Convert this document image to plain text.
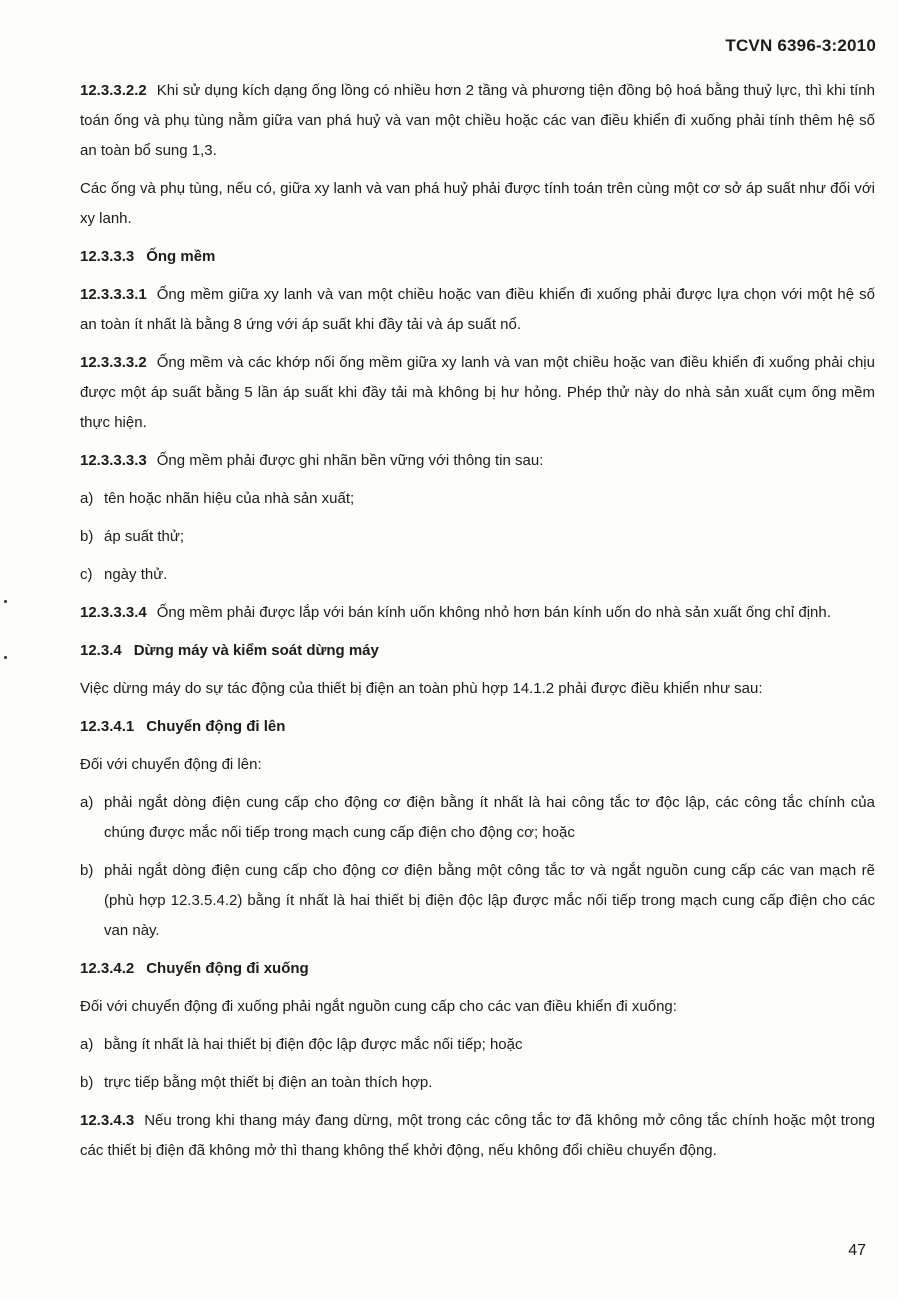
TCVN 6396-3:2010

12.3.3.2.2 Khi sử dụng kích dạng ống lồng có nhiều hơn 2 tầng và phương tiện đồng bộ hoá bằng thuỷ lực, thì khi tính toán ống và phụ tùng nằm giữa van phá huỷ và van một chiều hoặc các van điều khiển đi xuống phải tính thêm hệ số an toàn bổ sung 1,3.

Các ống và phụ tùng, nếu có, giữa xy lanh và van phá huỷ phải được tính toán trên cùng một cơ sở áp suất như đối với xy lanh.

12.3.3.3 Ống mềm

12.3.3.3.1 Ống mềm giữa xy lanh và van một chiều hoặc van điều khiển đi xuống phải được lựa chọn với một hệ số an toàn ít nhất là bằng 8 ứng với áp suất khi đầy tải và áp suất nổ.

12.3.3.3.2 Ống mềm và các khớp nối ống mềm giữa xy lanh và van một chiều hoặc van điều khiển đi xuống phải chịu được một áp suất bằng 5 lần áp suất khi đầy tải mà không bị hư hỏng. Phép thử này do nhà sản xuất cụm ống mềm thực hiện.

12.3.3.3.3 Ống mềm phải được ghi nhãn bền vững với thông tin sau:

a) tên hoặc nhãn hiệu của nhà sản xuất;
b) áp suất thử;
c) ngày thử.

12.3.3.3.4 Ống mềm phải được lắp với bán kính uốn không nhỏ hơn bán kính uốn do nhà sản xuất ống chỉ định.

12.3.4 Dừng máy và kiểm soát dừng máy

Việc dừng máy do sự tác động của thiết bị điện an toàn phù hợp 14.1.2 phải được điều khiển như sau:

12.3.4.1 Chuyển động đi lên

Đối với chuyển động đi lên:

a) phải ngắt dòng điện cung cấp cho động cơ điện bằng ít nhất là hai công tắc tơ độc lập, các công tắc chính của chúng được mắc nối tiếp trong mạch cung cấp điện cho động cơ; hoặc
b) phải ngắt dòng điện cung cấp cho động cơ điện bằng một công tắc tơ và ngắt nguồn cung cấp các van mạch rẽ (phù hợp 12.3.5.4.2) bằng ít nhất là hai thiết bị điện độc lập được mắc nối tiếp trong mạch cung cấp điện cho các van này.

12.3.4.2 Chuyển động đi xuống

Đối với chuyển động đi xuống phải ngắt nguồn cung cấp cho các van điều khiển đi xuống:

a) bằng ít nhất là hai thiết bị điện độc lập được mắc nối tiếp; hoặc
b) trực tiếp bằng một thiết bị điện an toàn thích hợp.

12.3.4.3 Nếu trong khi thang máy đang dừng, một trong các công tắc tơ đã không mở công tắc chính hoặc một trong các thiết bị điện đã không mở thì thang không thể khởi động, nếu không đổi chiều chuyển động.

47
